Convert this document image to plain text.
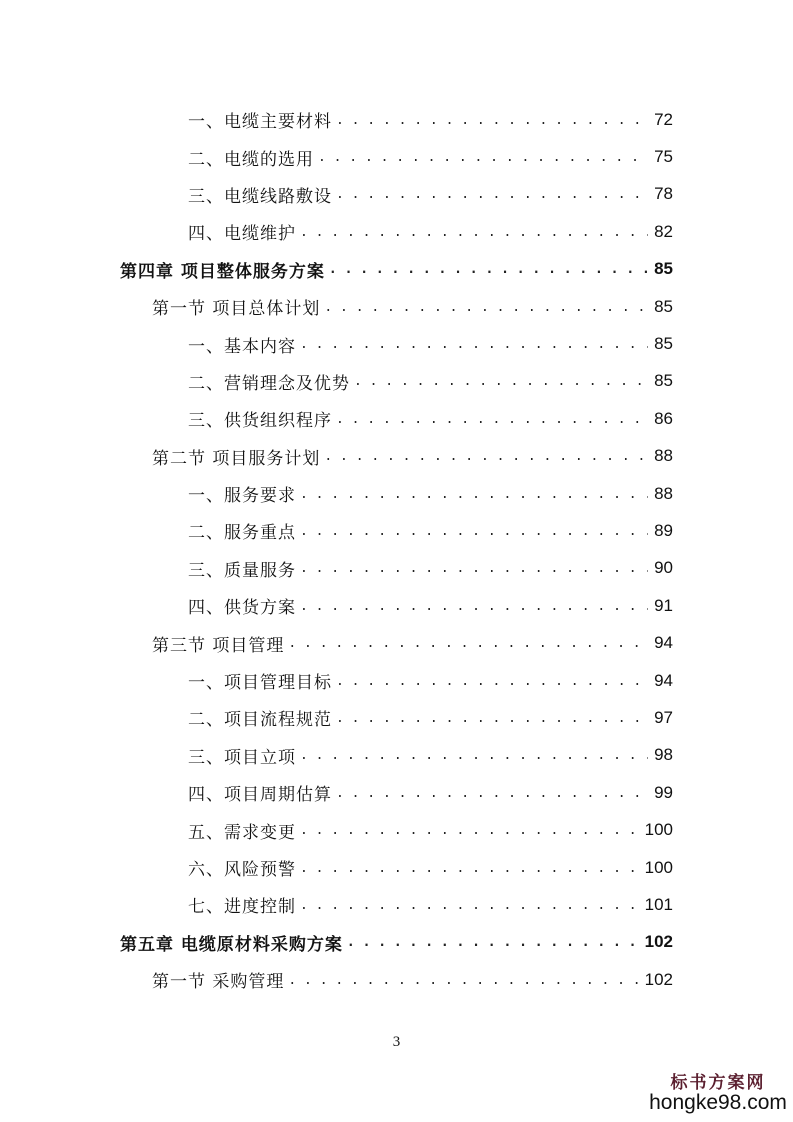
一、电缆主要材料 . . .	72
二、电缆的选用 . . .	75
三、电缆线路敷设 . . .	78
四、电缆维护 . . .	82
第四章 项目整体服务方案 . . .	85
第一节 项目总体计划 . . .	85
一、基本内容 . . .	85
二、营销理念及优势 . . .	85
三、供货组织程序 . . .	86
第二节 项目服务计划 . . .	88
一、服务要求 . . .	88
二、服务重点 . . .	89
三、质量服务 . . .	90
四、供货方案 . . .	91
第三节 项目管理 . . .	94
一、项目管理目标 . . .	94
二、项目流程规范 . . .	97
三、项目立项 . . .	98
四、项目周期估算 . . .	99
五、需求变更 . . .	100
六、风险预警 . . .	100
七、进度控制 . . .	101
第五章 电缆原材料采购方案 . . .	102
第一节 采购管理 . . .	102
3
标书方案网
hongke98.com
